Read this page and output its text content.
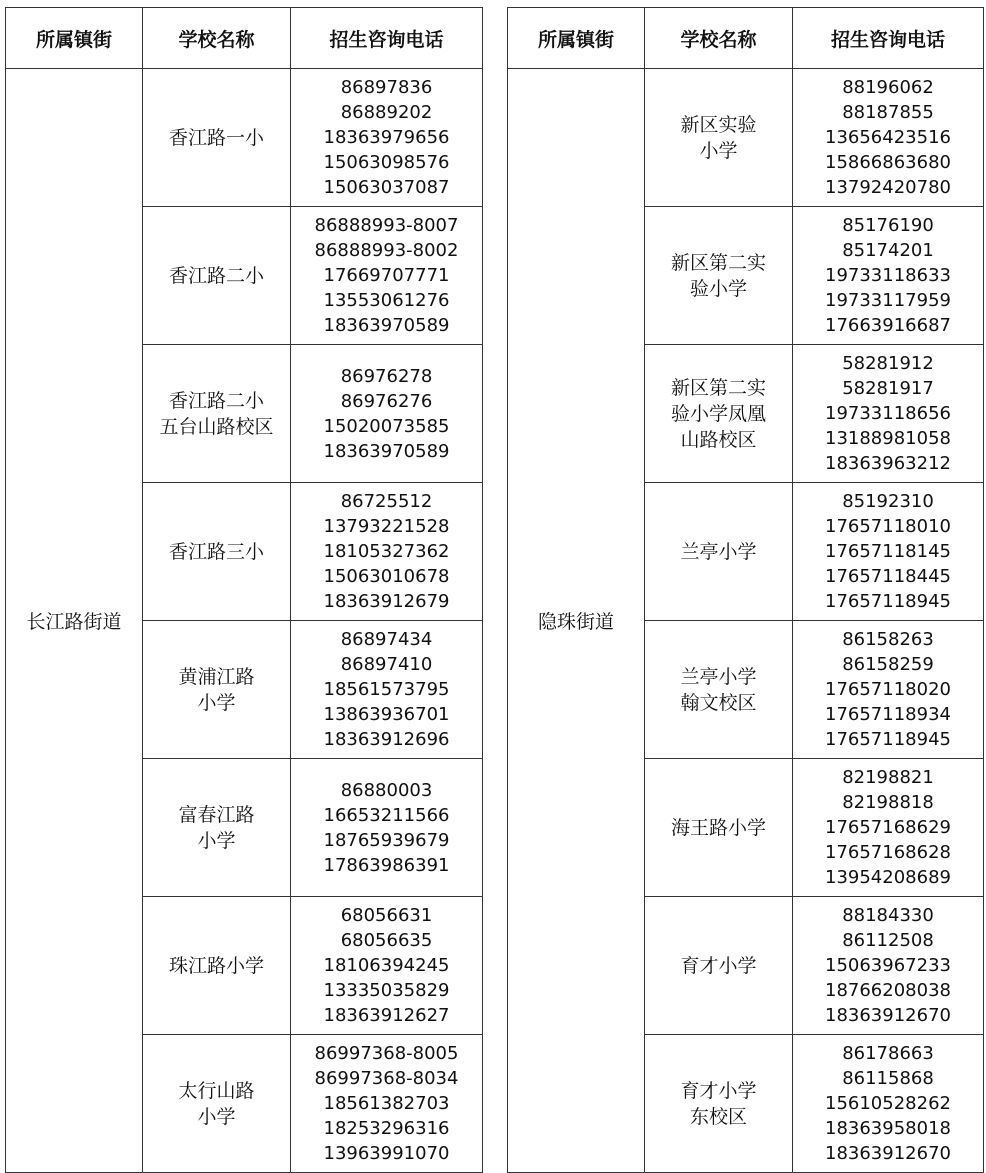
所属镇街	学校名称	招生咨询电话
长江路街道	香江路一小	86897836
86889202
18363979656
15063098576
15063037087

	香江路二小	86888993-8007
86888993-8002
17669707771
13553061276
18363970589

	香江路二小
五台山路校区	86976278
86976276
15020073585
18363970589

	香江路三小	86725512
13793221528
18105327362
15063010678
18363912679

	黄浦江路
小学	86897434
86897410
18561573795
13863936701
18363912696

	富春江路
小学	86880003
16653211566
18765939679
17863986391

	珠江路小学	68056631
68056635
18106394245
13335035829
18363912627

	太行山路
小学	86997368-8005
86997368-8034
18561382703
18253296316
13963991070
所属镇街	学校名称	招生咨询电话
隐珠街道	新区实验
小学	88196062
88187855
13656423516
15866863680
13792420780

	新区第二实
验小学	85176190
85174201
19733118633
19733117959
17663916687

	新区第二实
验小学凤凰
山路校区	58281912
58281917
19733118656
13188981058
18363963212

	兰亭小学	85192310
17657118010
17657118145
17657118445
17657118945

	兰亭小学
翰文校区	86158263
86158259
17657118020
17657118934
17657118945

	海王路小学	82198821
82198818
17657168629
17657168628
13954208689

	育才小学	88184330
86112508
15063967233
18766208038
18363912670

	育才小学
东校区	86178663
86115868
15610528262
18363958018
18363912670
